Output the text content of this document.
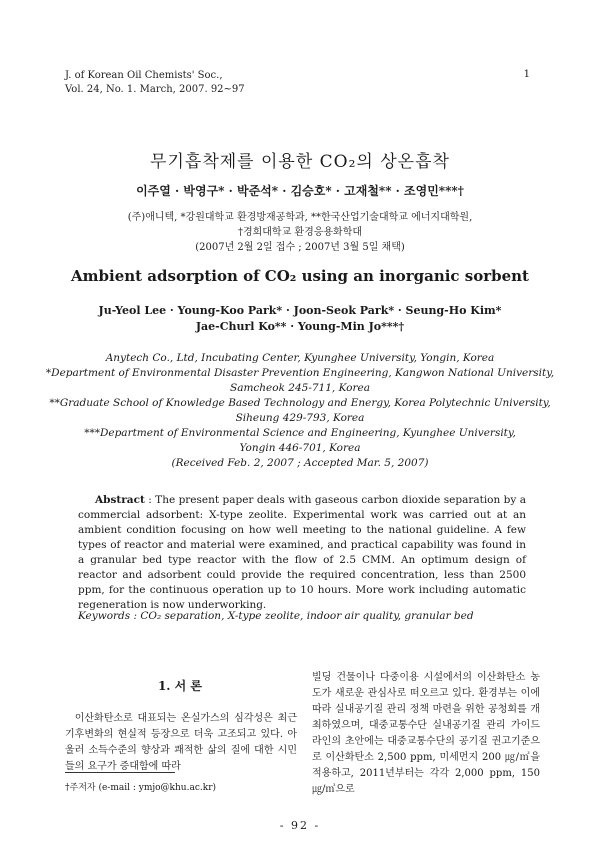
J. of Korean Oil Chemists' Soc.,
Vol. 24, No. 1. March, 2007. 92~97
1
무기흡착제를 이용한 CO₂의 상온흡착
이주열 · 박영구* · 박준석* · 김승호* · 고재철** · 조영민***†
(주)애니텍, *강원대학교 환경방재공학과, **한국산업기술대학교 에너지대학원,
†경희대학교 환경응용화학대
(2007년 2월 2일 접수 ; 2007년 3월 5일 채택)
Ambient adsorption of CO₂ using an inorganic sorbent
Ju-Yeol Lee · Young-Koo Park* · Joon-Seok Park* · Seung-Ho Kim*
Jae-Churl Ko** · Young-Min Jo***†
Anytech Co., Ltd, Incubating Center, Kyunghee University, Yongin, Korea
*Department of Environmental Disaster Prevention Engineering, Kangwon National University,
Samcheok 245-711, Korea
**Graduate School of Knowledge Based Technology and Energy, Korea Polytechnic University,
Siheung 429-793, Korea
***Department of Environmental Science and Engineering, Kyunghee University,
Yongin 446-701, Korea
(Received Feb. 2, 2007 ; Accepted Mar. 5, 2007)

Abstract : The present paper deals with gaseous carbon dioxide separation by a commercial adsorbent: X-type zeolite. Experimental work was carried out at an ambient condition focusing on how well meeting to the national guideline. A few types of reactor and material were examined, and practical capability was found in a granular bed type reactor with the flow of 2.5 CMM. An optimum design of reactor and adsorbent could provide the required concentration, less than 2500 ppm, for the continuous operation up to 10 hours. More work including automatic regeneration is now underworking.

Keywords : CO₂ separation, X-type zeolite, indoor air quality, granular bed
1. 서 론

이산화탄소로 대표되는 온실가스의 심각성은 최근 기후변화의 현실적 등장으로 더욱 고조되고 있다. 아울러 소득수준의 향상과 쾌적한 삶의 질에 대한 시민들의 요구가 증대함에 따라

빌딩 건물이나 다중이용 시설에서의 이산화탄소 농도가 새로운 관심사로 떠오르고 있다. 환경부는 이에 따라 실내공기질 관리 정책 마련을 위한 공청회를 개최하였으며, 대중교통수단 실내공기질 관리 가이드라인의 초안에는 대중교통수단의 공기질 권고기준으로 이산화탄소 2,500 ppm, 미세먼지 200 ㎍/㎥을 적용하고, 2011년부터는 각각 2,000 ppm, 150 ㎍/㎥으로
†주저자 (e-mail : ymjo@khu.ac.kr)
- 92 -
